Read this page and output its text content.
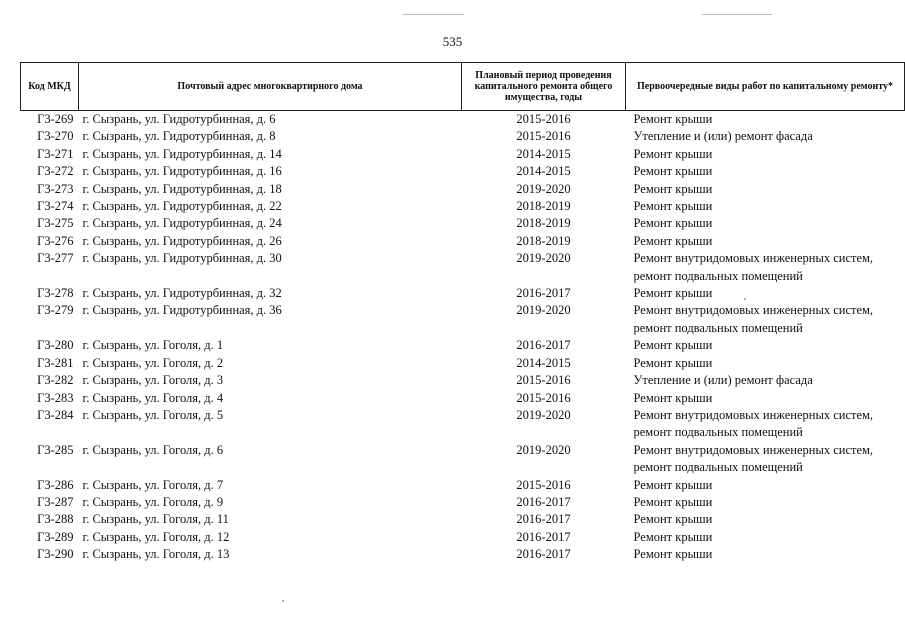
535
Код МКД	Почтовый адрес многоквартирного дома	Плановый период проведения капитального ремонта общего имущества, годы	Первоочередные виды работ по капитальному ремонту*
Г3-269	г. Сызрань, ул. Гидротурбинная, д. 6	2015-2016	Ремонт крыши

Г3-270	г. Сызрань, ул. Гидротурбинная, д. 8	2015-2016	Утепление и (или) ремонт фасада

Г3-271	г. Сызрань, ул. Гидротурбинная, д. 14	2014-2015	Ремонт крыши

Г3-272	г. Сызрань, ул. Гидротурбинная, д. 16	2014-2015	Ремонт крыши

Г3-273	г. Сызрань, ул. Гидротурбинная, д. 18	2019-2020	Ремонт крыши

Г3-274	г. Сызрань, ул. Гидротурбинная, д. 22	2018-2019	Ремонт крыши

Г3-275	г. Сызрань, ул. Гидротурбинная, д. 24	2018-2019	Ремонт крыши

Г3-276	г. Сызрань, ул. Гидротурбинная, д. 26	2018-2019	Ремонт крыши

Г3-277	г. Сызрань, ул. Гидротурбинная, д. 30	2019-2020	Ремонт внутридомовых инженерных систем,
ремонт подвальных помещений

Г3-278	г. Сызрань, ул. Гидротурбинная, д. 32	2016-2017	Ремонт крыши

Г3-279	г. Сызрань, ул. Гидротурбинная, д. 36	2019-2020	Ремонт внутридомовых инженерных систем,
ремонт подвальных помещений

Г3-280	г. Сызрань, ул. Гоголя, д. 1	2016-2017	Ремонт крыши

Г3-281	г. Сызрань, ул. Гоголя, д. 2	2014-2015	Ремонт крыши

Г3-282	г. Сызрань, ул. Гоголя, д. 3	2015-2016	Утепление и (или) ремонт фасада

Г3-283	г. Сызрань, ул. Гоголя, д. 4	2015-2016	Ремонт крыши

Г3-284	г. Сызрань, ул. Гоголя, д. 5	2019-2020	Ремонт внутридомовых инженерных систем,
ремонт подвальных помещений

Г3-285	г. Сызрань, ул. Гоголя, д. 6	2019-2020	Ремонт внутридомовых инженерных систем,
ремонт подвальных помещений

Г3-286	г. Сызрань, ул. Гоголя, д. 7	2015-2016	Ремонт крыши

Г3-287	г. Сызрань, ул. Гоголя, д. 9	2016-2017	Ремонт крыши

Г3-288	г. Сызрань, ул. Гоголя, д. 11	2016-2017	Ремонт крыши

Г3-289	г. Сызрань, ул. Гоголя, д. 12	2016-2017	Ремонт крыши

Г3-290	г. Сызрань, ул. Гоголя, д. 13	2016-2017	Ремонт крыши
